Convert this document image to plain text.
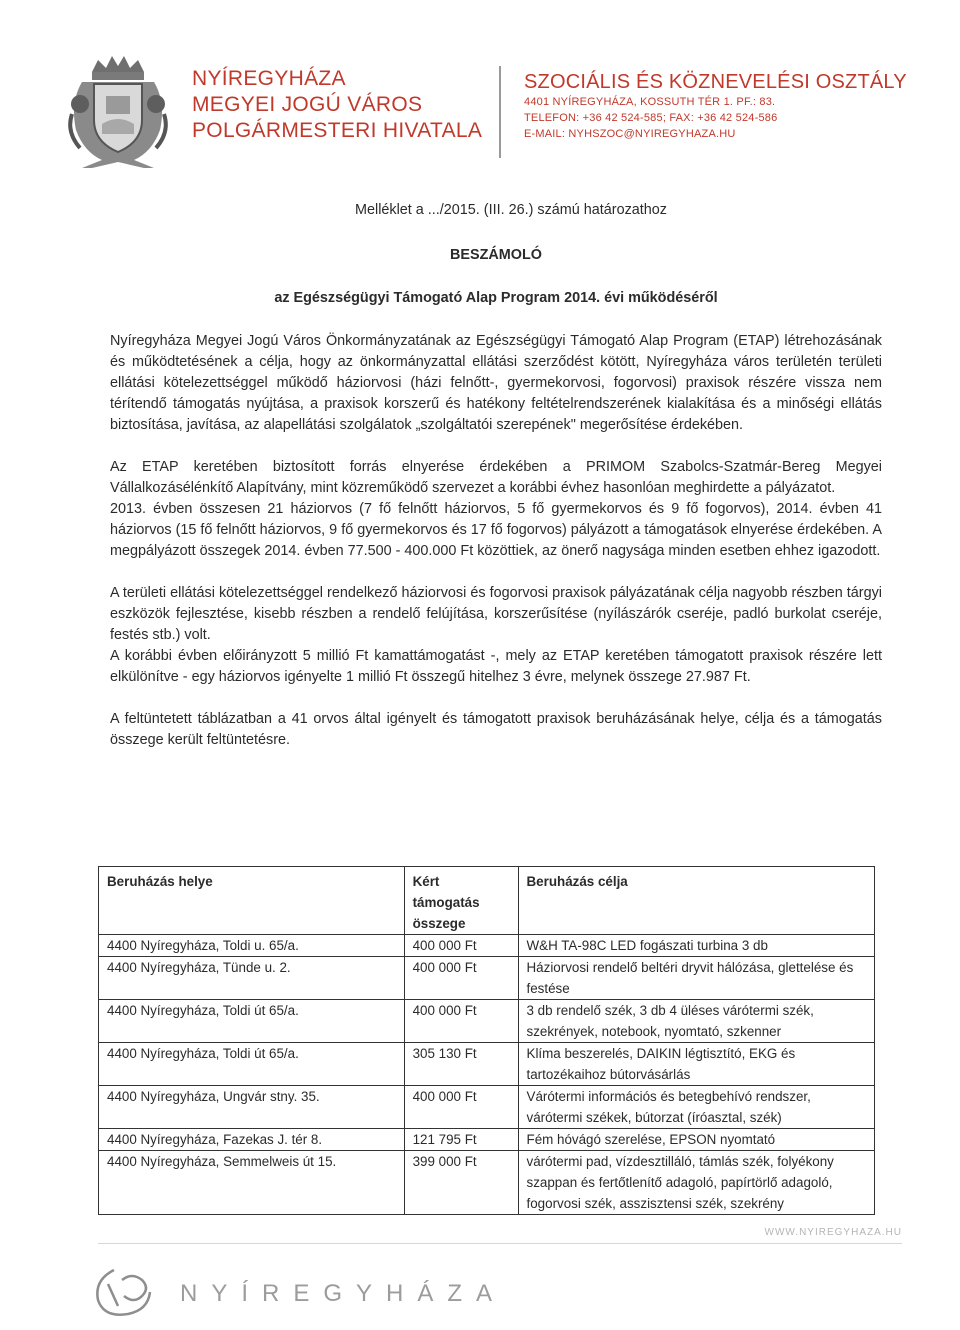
NYÍREGYHÁZA
MEGYEI JOGÚ VÁROS
POLGÁRMESTERI HIVATALA
SZOCIÁLIS ÉS KÖZNEVELÉSI OSZTÁLY
4401 NYÍREGYHÁZA, KOSSUTH TÉR 1. PF.: 83.
TELEFON: +36 42 524-585; FAX: +36 42 524-586
E-MAIL: NYHSZOC@NYIREGYHAZA.HU
Melléklet a .../2015. (III. 26.) számú határozathoz
BESZÁMOLÓ
az Egészségügyi Támogató Alap Program 2014. évi működéséről

Nyíregyháza Megyei Jogú Város Önkormányzatának az Egészségügyi Támogató Alap Program (ETAP) létrehozásának és működtetésének a célja, hogy az önkormányzattal ellátási szerződést kötött, Nyíregyháza város területén területi ellátási kötelezettséggel működő háziorvosi (házi felnőtt-, gyermekorvosi, fogorvosi) praxisok részére vissza nem térítendő támogatás nyújtása, a praxisok korszerű és hatékony feltételrendszerének kialakítása és a minőségi ellátás biztosítása, javítása, az alapellátási szolgálatok „szolgáltatói szerepének" megerősítése érdekében.

Az ETAP keretében biztosított forrás elnyerése érdekében a PRIMOM Szabolcs-Szatmár-Bereg Megyei Vállalkozásélénkítő Alapítvány, mint közreműködő szervezet a korábbi évhez hasonlóan meghirdette a pályázatot.

2013. évben összesen 21 háziorvos (7 fő felnőtt háziorvos, 5 fő gyermekorvos és 9 fő fogorvos), 2014. évben 41 háziorvos (15 fő felnőtt háziorvos, 9 fő gyermekorvos és 17 fő fogorvos) pályázott a támogatások elnyerése érdekében. A megpályázott összegek 2014. évben 77.500 - 400.000 Ft közöttiek, az önerő nagysága minden esetben ehhez igazodott.

A területi ellátási kötelezettséggel rendelkező háziorvosi és fogorvosi praxisok pályázatának célja nagyobb részben tárgyi eszközök fejlesztése, kisebb részben a rendelő felújítása, korszerűsítése (nyílászárók cseréje, padló burkolat cseréje, festés stb.) volt.

A korábbi évben előirányzott 5 millió Ft kamattámogatást -, mely az ETAP keretében támogatott praxisok részére lett elkülönítve - egy háziorvos igényelte 1 millió Ft összegű hitelhez 3 évre, melynek összege 27.987 Ft.

A feltüntetett táblázatban a 41 orvos által igényelt és támogatott praxisok beruházásának helye, célja és a támogatás összege került feltüntetésre.

Beruházás helye	Kért támogatás összege	Beruházás célja
4400 Nyíregyháza, Toldi u. 65/a.	400 000 Ft	W&H TA-98C LED fogászati turbina 3 db
4400 Nyíregyháza, Tünde u. 2.	400 000 Ft	Háziorvosi rendelő beltéri dryvit hálózása, glettelése és festése
4400 Nyíregyháza, Toldi út 65/a.	400 000 Ft	3 db rendelő szék, 3 db 4 üléses várótermi szék, szekrények, notebook, nyomtató, szkenner
4400 Nyíregyháza, Toldi út 65/a.	305 130 Ft	Klíma beszerelés, DAIKIN légtisztító, EKG és tartozékaihoz bútorvásárlás
4400 Nyíregyháza, Ungvár stny. 35.	400 000 Ft	Várótermi információs és betegbehívó rendszer, várótermi székek, bútorzat (íróasztal, szék)
4400 Nyíregyháza, Fazekas J. tér 8.	121 795 Ft	Fém hóvágó szerelése, EPSON nyomtató
4400 Nyíregyháza, Semmelweis út 15.	399 000 Ft	várótermi pad, vízdesztilláló, támlás szék, folyékony szappan és fertőtlenítő adagoló, papírtörlő adagoló, fogorvosi szék, asszisztensi szék, szekrény
WWW.NYIREGYHAZA.HU
NYÍREGYHÁZA
